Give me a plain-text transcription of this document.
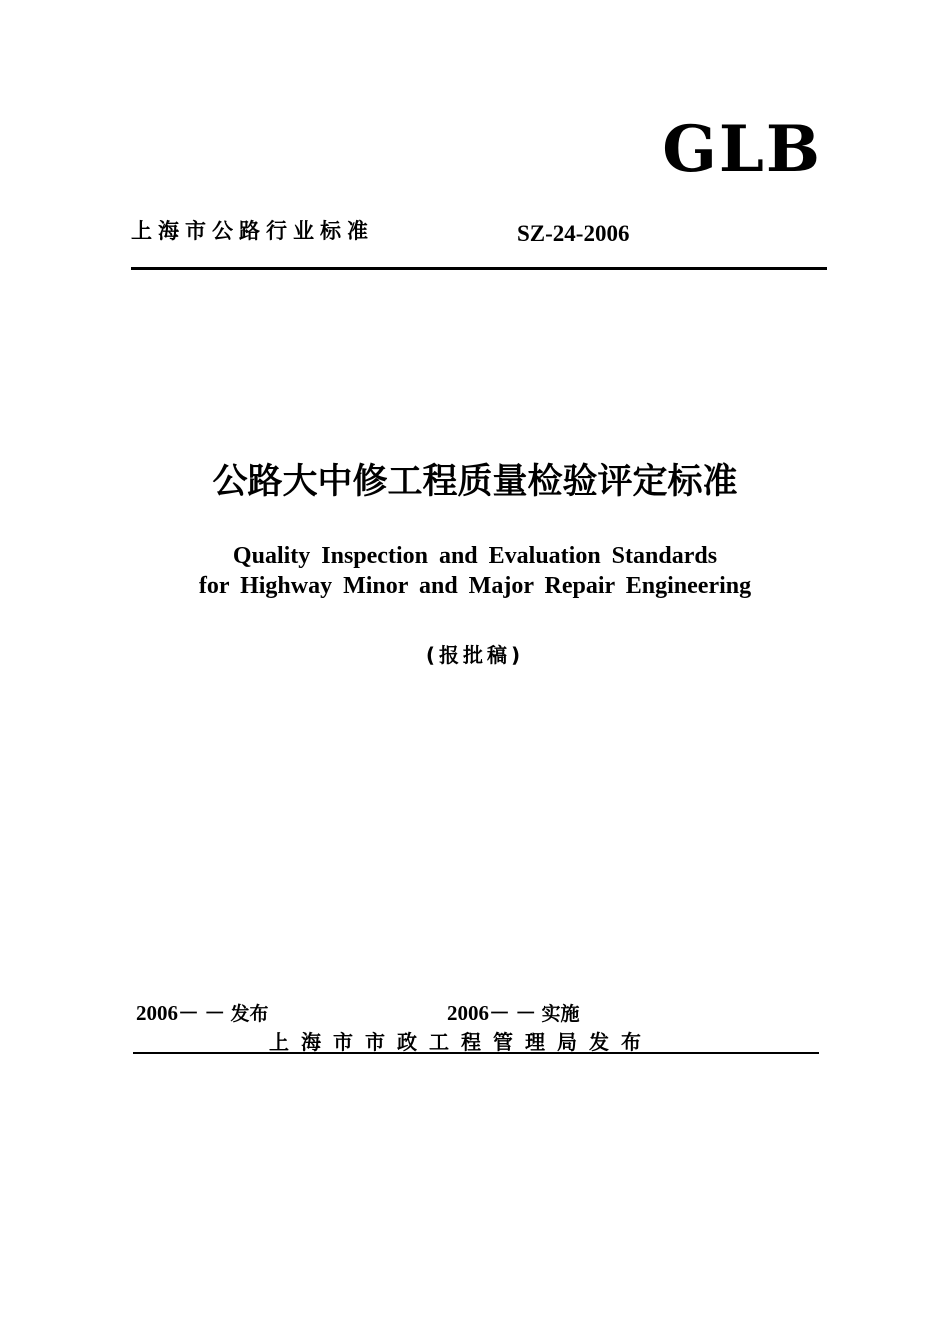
GLB
上海市公路行业标准	SZ-24-2006
公路大中修工程质量检验评定标准
Quality Inspection and Evaluation Standards
for Highway Minor and Major Repair Engineering
(报批稿)
2006－ － 发布	2006－ － 实施
上海市市政工程管理局发布
